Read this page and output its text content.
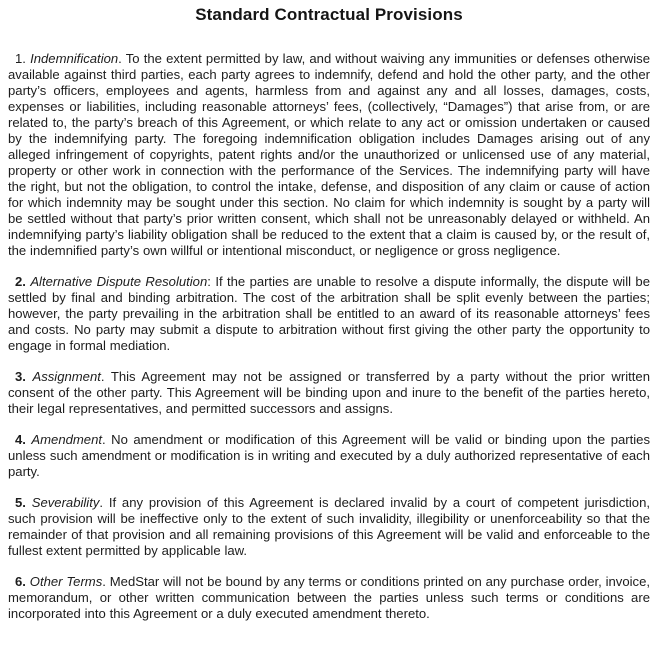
Standard Contractual Provisions

1. Indemnification. To the extent permitted by law, and without waiving any immunities or defenses otherwise available against third parties, each party agrees to indemnify, defend and hold the other party, and the other party’s officers, employees and agents, harmless from and against any and all losses, damages, costs, expenses or liabilities, including reasonable attorneys’ fees, (collectively, “Damages”) that arise from, or are related to, the party’s breach of this Agreement, or which relate to any act or omission undertaken or caused by the indemnifying party. The foregoing indemnification obligation includes Damages arising out of any alleged infringement of copyrights, patent rights and/or the unauthorized or unlicensed use of any material, property or other work in connection with the performance of the Services. The indemnifying party will have the right, but not the obligation, to control the intake, defense, and disposition of any claim or cause of action for which indemnity may be sought under this section. No claim for which indemnity is sought by a party will be settled without that party’s prior written consent, which shall not be unreasonably delayed or withheld. An indemnifying party’s liability obligation shall be reduced to the extent that a claim is caused by, or the result of, the indemnified party’s own willful or intentional misconduct, or negligence or gross negligence.

2. Alternative Dispute Resolution: If the parties are unable to resolve a dispute informally, the dispute will be settled by final and binding arbitration. The cost of the arbitration shall be split evenly between the parties; however, the party prevailing in the arbitration shall be entitled to an award of its reasonable attorneys’ fees and costs. No party may submit a dispute to arbitration without first giving the other party the opportunity to engage in formal mediation.

3. Assignment. This Agreement may not be assigned or transferred by a party without the prior written consent of the other party. This Agreement will be binding upon and inure to the benefit of the parties hereto, their legal representatives, and permitted successors and assigns.

4. Amendment. No amendment or modification of this Agreement will be valid or binding upon the parties unless such amendment or modification is in writing and executed by a duly authorized representative of each party.

5. Severability. If any provision of this Agreement is declared invalid by a court of competent jurisdiction, such provision will be ineffective only to the extent of such invalidity, illegibility or unenforceability so that the remainder of that provision and all remaining provisions of this Agreement will be valid and enforceable to the fullest extent permitted by applicable law.

6. Other Terms. MedStar will not be bound by any terms or conditions printed on any purchase order, invoice, memorandum, or other written communication between the parties unless such terms or conditions are incorporated into this Agreement or a duly executed amendment thereto.
